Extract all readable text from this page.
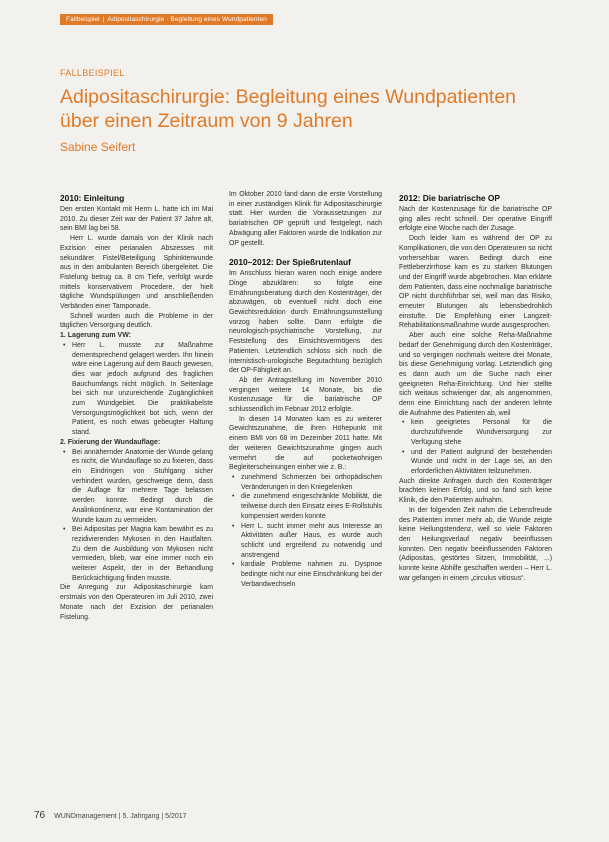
Fallbeispiel | Adipositaschirurgie · Begleitung eines Wundpatienten
FALLBEISPIEL
Adipositaschirurgie: Begleitung eines Wundpatienten über einen Zeitraum von 9 Jahren
Sabine Seifert
2010: Einleitung

Den ersten Kontakt mit Herrn L. hatte ich im Mai 2010. Zu dieser Zeit war der Patient 37 Jahre alt, sein BMI lag bei 58.

Herr L. wurde damals von der Klinik nach Exzision einer perianalen Abszesses mit sekundärer Fistel/Beteiligung Sphinkterwunde aus in den ambulanten Bereich übergeleitet. Die Fistelung betrug ca. 8 cm Tiefe, verfolgt wurde mittels konservativem Procedere, der hielt tägliche Wundspülungen und anschließenden Verbänden einer Tamponade.

Schnell wurden auch die Probleme in der täglichen Versorgung deutlich.

1. Lagerung zum VW:
• Herr L. musste zur Maßnahme dementsprechend gelagert werden. Ihn hinein wäre eine Lagerung auf dem Bauch gewesen, dies war jedoch aufgrund des fraglichen Bauchumfangs nicht möglich. In Seitenlage bei sich nur unzureichende Zugänglichkeit zum Wundgebiet. Die praktikabelste Versorgungsmöglichkeit bot sich, wenn der Patient, es noch etwas gebeugter Haltung stand.
2. Fixierung der Wundauflage:
• Bei annähernder Anatomie der Wunde gelang es nicht, die Wundauflage so zu fixieren, dass ein Eindringen von Stuhlgang sicher verhindert wurden, geschweige denn, dass die Auflage für mehrere Tage belassen werden konnte. Bedingt durch die Analinkontinenz, war eine Kontamination der Wunde kaum zu vermeiden.
• Bei Adipositas per Magna kam bewährt es zu rezidivierenden Mykosen in den Hautfalten. Zu dem die Ausbildung von Mykosen nicht vermieden, blieb, war eine immer noch ein weiterer Aspekt, der in der Behandlung Berücksichtigung finden musste.

Die Anregung zur Adipositaschirurgie kam erstmals von den Operateuren im Juli 2010, zwei Monate nach der Exzision der perianalen Fistelung.

Im Oktober 2010 fand dann die erste Vorstellung in einer zuständigen Klinik für Adipositaschirurgie statt. Hier wurden die Voraussetzungen zur bariatrischen OP geprüft und festgelegt, nach Abwägung aller Faktoren wurde die Indikation zur OP gestellt.

2010–2012: Der Spießrutenlauf

Im Anschluss hieran waren noch einige andere Dinge abzuklären: so folgte eine Ernährungsberatung durch den Kostenträger, der abzuwägen, ob eventuell nicht doch eine Gewichtsreduktion durch Ernährungsumstellung vorzog haben sollte. Dann erfolgte die neurologisch-psychiatrische Vorstellung, zur Feststellung des Einsichtsvermögens des Patienten. Letztendlich schloss sich noch die internistisch-urologische Begutachtung bezüglich der OP-Fähigkeit an.

Ab der Antragstellung im November 2010 vergingen weitere 14 Monate, bis die Kostenzusage für die bariatrische OP schlussendlich im Februar 2012 erfolgte.

In diesen 14 Monaten kam es zu weiterer Gewichtszunahme, die ihren Höhepunkt mit einem BMI von 68 im Dezember 2011 hatte. Mit der weiteren Gewichtszunahme gingen auch vermehrt die auf pocketwohnigen Begleiterscheinungen einher wie z. B.:

• zunehmend Schmerzen bei orthopädischen Veränderungen in den Kniegelenken
• die zunehmend eingeschränkte Mobilität, die teilweise durch den Einsatz eines E-Rollstuhls kompensiert werden konnte
• Herr L. sucht immer mehr aus Interesse an Aktivitäten außer Haus, es wurde auch schlicht und ergreifend zu notwendig und anstrengend
• kardiale Probleme nahmen zu. Dyspnoe bedingte nicht nur eine Einschränkung bei der Verbandwechseln
2012: Die bariatrische OP

Nach der Kostenzusage für die bariatrische OP ging alles recht schnell. Der operative Eingriff erfolgte eine Woche nach der Zusage.

Doch leider kam es während der OP zu Komplikationen, die von den Operateuren so nicht vorhersehbar waren. Bedingt durch eine Fettleberzirrhose kam es zu starken Blutungen und der Eingriff wurde abgebrochen. Man erklärte dem Patienten, dass eine nochmalige bariatrische OP nicht durchführbar sei, weil man das Risiko, erneuter Blutungen als lebensbedrohlich einstufte. Die Empfehlung einer Langzeit-Rehabilitationsmaßnahme wurde ausgesprochen.

Aber auch eine solche Reha-Maßnahme bedarf der Genehmigung durch den Kostenträger, und so vergingen nochmals weitere drei Monate, bis diese Genehmigung vorlag. Letztendlich ging es dann auch um die Suche nach einer geeigneten Reha-Einrichtung. Und hier stellte sich weitaus schwieriger dar, als angenommen, denn eine Einrichtung nach der anderen lehnte die Aufnahme des Patienten ab, weil

• kein geeignetes Personal für die durchzuführende Wundversorgung zur Verfügung stehe
• und der Patient aufgrund der bestehenden Wunde und nicht in der Lage sei, an den erforderlichen Aktivitäten teilzunehmen.

Auch direkte Anfragen durch den Kostenträger brachten keinen Erfolg, und so fand sich keine Klinik, die den Patienten aufnahm.

In der folgenden Zeit nahm die Lebensfreude des Patienten immer mehr ab, die Wunde zeigte keine Heilungstendenz, weil so viele Faktoren den Heilungsverlauf negativ beeinflussen konnten. Den negativ beeinflussenden Faktoren (Adipositas, gestörtes Sitzen, Immobilität, ...) konnte keine Abhilfe geschaffen werden – Herr L. war gefangen in einem „circulus vitiosus“.

76 WUNDmanagement | 5. Jahrgang | 5/2017
